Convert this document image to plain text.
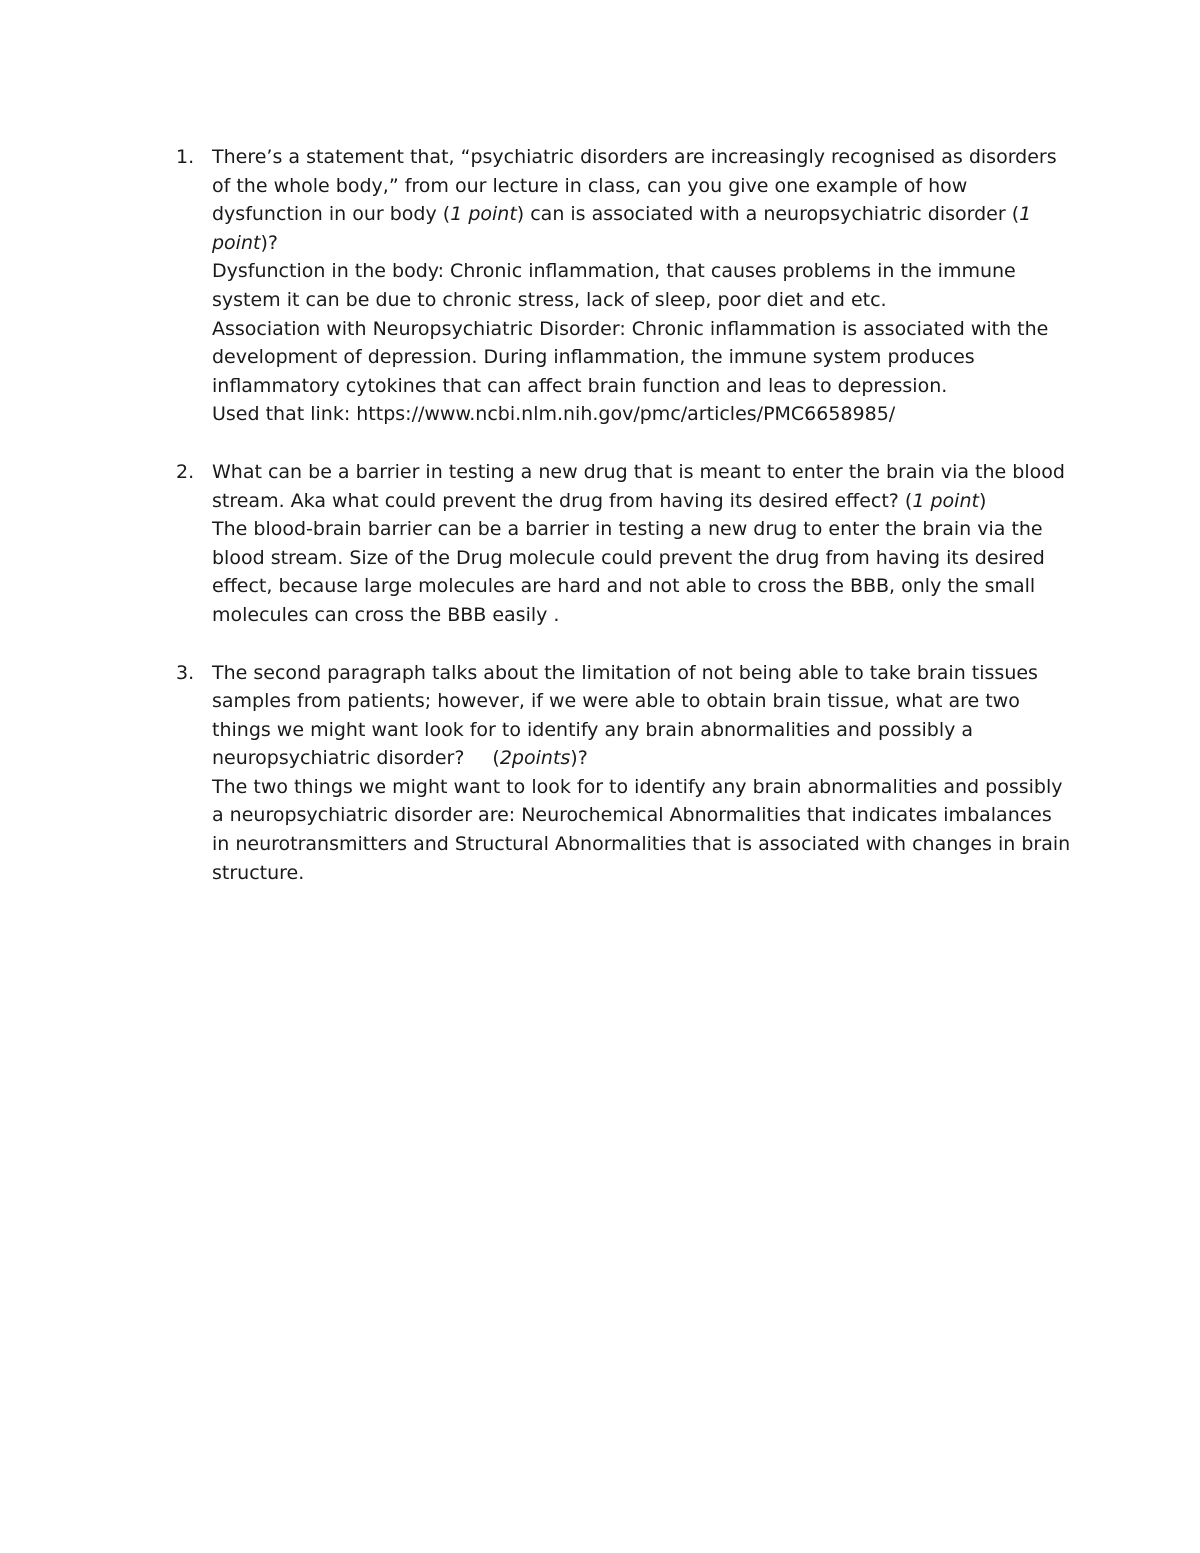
1. There’s a statement that, “psychiatric disorders are increasingly recognised as disorders of the whole body,” from our lecture in class, can you give one example of how dysfunction in our body (1 point) can is associated with a neuropsychiatric disorder (1 point)?

Dysfunction in the body: Chronic inflammation, that causes problems in the immune system it can be due to chronic stress, lack of sleep, poor diet and etc.
Association with Neuropsychiatric Disorder: Chronic inflammation is associated with the development of depression. During inflammation, the immune system produces inflammatory cytokines that can affect brain function and leas to depression.
Used that link: https://www.ncbi.nlm.nih.gov/pmc/articles/PMC6658985/
2. What can be a barrier in testing a new drug that is meant to enter the brain via the blood stream. Aka what could prevent the drug from having its desired effect? (1 point)

The blood-brain barrier can be a barrier in testing a new drug to enter the brain via the blood stream. Size of the Drug molecule could prevent the drug from having its desired effect, because large molecules are hard and not able to cross the BBB, only the small molecules can cross the BBB easily .
3. The second paragraph talks about the limitation of not being able to take brain tissues samples from patients; however, if we were able to obtain brain tissue, what are two things we might want look for to identify any brain abnormalities and possibly a neuropsychiatric disorder? (2points)?

The two things we might want to look for to identify any brain abnormalities and possibly a neuropsychiatric disorder are: Neurochemical Abnormalities that indicates imbalances in neurotransmitters and Structural Abnormalities that is associated with changes in brain structure.
